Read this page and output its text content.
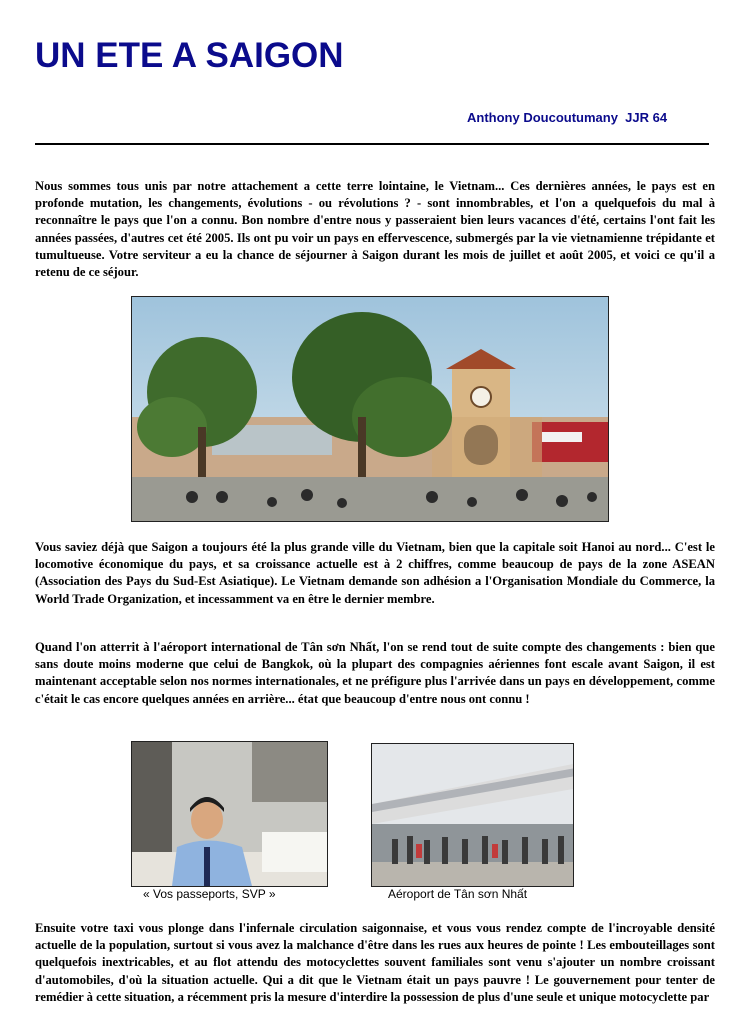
UN ETE A SAIGON
Anthony Doucoutumany  JJR 64

Nous sommes tous unis par notre attachement a cette terre lointaine, le Vietnam... Ces dernières années, le pays est en profonde mutation, les changements, évolutions - ou révolutions ? - sont innombrables, et l'on a quelquefois du mal à reconnaître le pays que l'on a connu. Bon nombre d'entre nous y passeraient bien leurs vacances d'été, certains l'ont fait les années passées, d'autres cet été 2005. Ils ont pu voir un pays en effervescence, submergés par la vie vietnamienne trépidante et tumultueuse. Votre serviteur a eu la chance de séjourner à Saigon durant les mois de juillet et août 2005, et voici ce qu'il a retenu de ce séjour.

Vous saviez déjà que Saigon a toujours été la plus grande ville du Vietnam, bien que la capitale soit Hanoi au nord... C'est le locomotive économique du pays, et sa croissance actuelle est à 2 chiffres, comme beaucoup de pays de la zone ASEAN (Association des Pays du Sud-Est Asiatique). Le Vietnam demande son adhésion a l'Organisation Mondiale du Commerce, la World Trade Organization, et incessamment va en être le dernier membre.

Quand l'on atterrit à l'aéroport international de Tân sơn Nhất, l'on se rend tout de suite compte des changements : bien que sans doute moins moderne que celui de Bangkok, où la plupart des compagnies aériennes font escale avant Saigon, il est maintenant acceptable selon nos normes internationales, et ne préfigure plus l'arrivée dans un pays en développement, comme c'était le cas encore quelques années en arrière... état que beaucoup d'entre nous ont connu !

« Vos passeports, SVP »	Aéroport de Tân sơn Nhất

Ensuite votre taxi vous plonge dans l'infernale circulation saigonnaise, et vous vous rendez compte de l'incroyable densité actuelle de la population, surtout si vous avez la malchance d'être dans les rues aux heures de pointe ! Les embouteillages sont quelquefois inextricables, et au flot attendu des motocyclettes souvent familiales sont venu s'ajouter un nombre croissant d'automobiles, d'où la situation actuelle. Qui a dit que le Vietnam était un pays pauvre ! Le gouvernement pour tenter de remédier à cette situation, a récemment pris la mesure d'interdire la possession de plus d'une seule et unique motocyclette par
